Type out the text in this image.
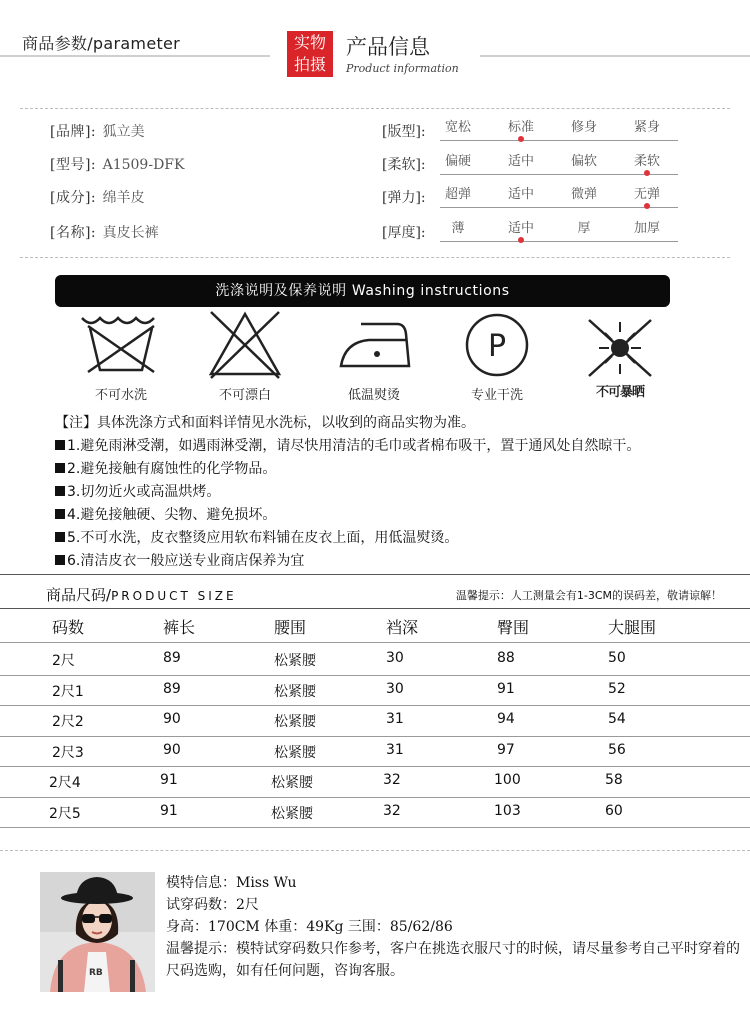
商品参数/parameter	实物
拍摄
产品信息
Product information
[品牌]: 狐立美
[型号]: A1509-DFK
[成分]: 绵羊皮
[名称]: 真皮长裤
[版型]:	宽松	标准	修身	紧身
[柔软]:	偏硬	适中	偏软	柔软
[弹力]:	超弹	适中	微弹	无弹
[厚度]:	薄	适中	厚	加厚
洗涤说明及保养说明 Washing instructions
不可水洗	不可漂白	低温熨烫
P
专业干洗	不可暴晒
【注】具体洗涤方式和面料详情见水洗标，以收到的商品实物为准。
1.避免雨淋受潮，如遇雨淋受潮，请尽快用清洁的毛巾或者棉布吸干，置于通风处自然晾干。
2.避免接触有腐蚀性的化学物品。
3.切勿近火或高温烘烤。
4.避免接触硬、尖物、避免损坏。
5.不可水洗，皮衣整烫应用软布料铺在皮衣上面，用低温熨烫。
6.清洁皮衣一般应送专业商店保养为宜
商品尺码/PRODUCT SIZE	温馨提示：人工测量会有1-3CM的误码差，敬请谅解！
码数	裤长	腰围	裆深	臀围	大腿围
2尺	89	松紧腰	30	88	50
2尺1	89	松紧腰	30	91	52
2尺2	90	松紧腰	31	94	54
2尺3	90	松紧腰	31	97	56
2尺4	91	松紧腰	32	100	58
2尺5	91	松紧腰	32	103	60
RB
模特信息：Miss Wu
试穿码数：2尺
身高：170CM 体重：49Kg 三围：85/62/86
温馨提示：模特试穿码数只作参考，客户在挑选衣服尺寸的时候，请尽量参考自己平时穿着的尺码选购，如有任何问题，咨询客服。
